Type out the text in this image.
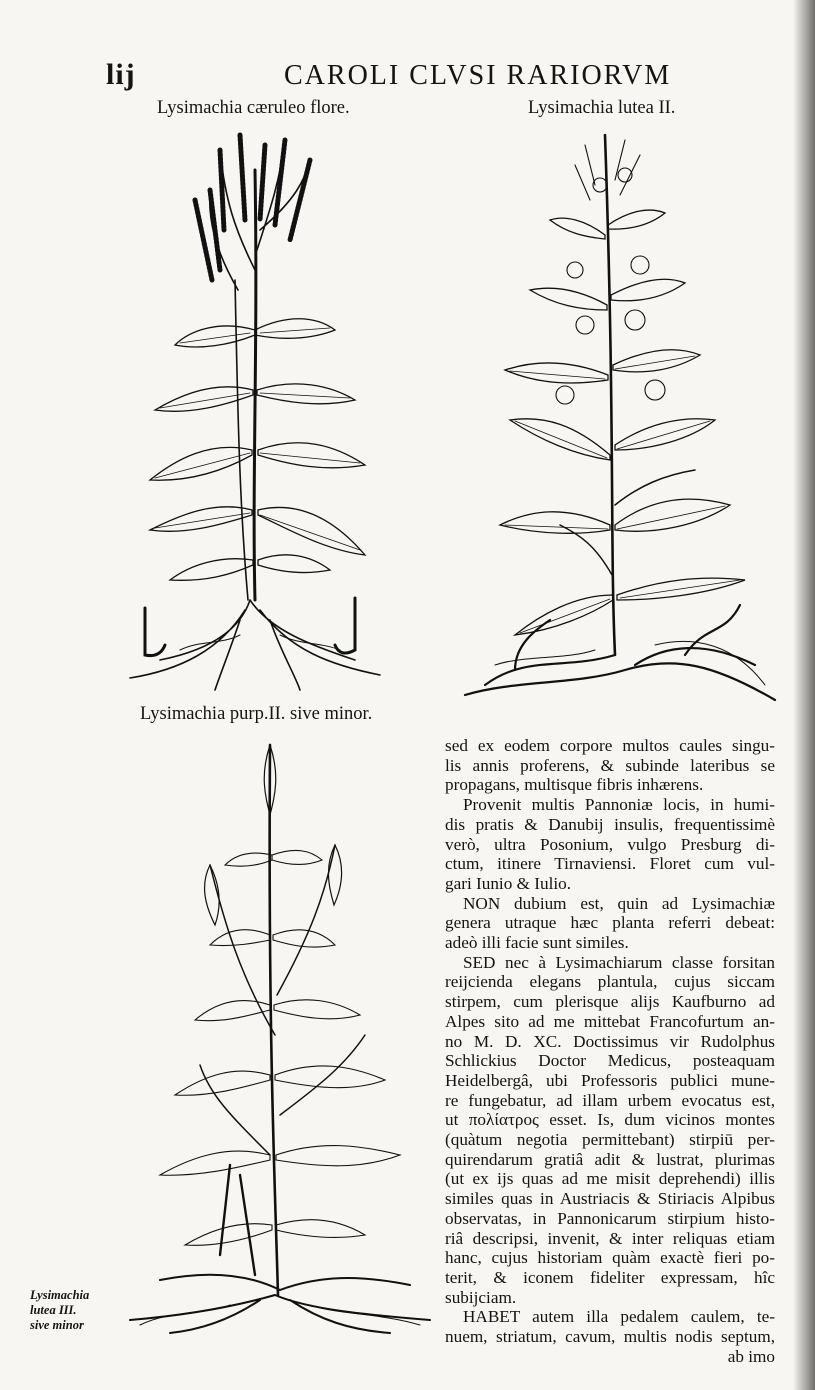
lij	CAROLI CLVSI RARIORVM
Lysimachia cæruleo flore.	Lysimachia lutea II.
Lysimachia purp.II. sive minor.
Lysimachia
lutea III.
sive minor
sed ex eodem corpore multos caules singu-
lis annis proferens, & subinde lateribus se
propagans, multisque fibris inhærens.
Provenit multis Pannoniæ locis, in humi-
dis pratis & Danubij insulis, frequentissimè
verò, ultra Posonium, vulgo Presburg di-
ctum, itinere Tirnaviensi. Floret cum vul-
gari Iunio & Iulio.
NON dubium est, quin ad Lysimachiæ
genera utraque hæc planta referri debeat:
adeò illi facie sunt similes.
SED nec à Lysimachiarum classe forsitan
reijcienda elegans plantula, cujus siccam
stirpem, cum plerisque alijs Kaufburno ad
Alpes sito ad me mittebat Francofurtum an-
no M. D. XC. Doctissimus vir Rudolphus
Schlickius Doctor Medicus, posteaquam
Heidelbergâ, ubi Professoris publici mune-
re fungebatur, ad illam urbem evocatus est,
ut πολίατρος esset. Is, dum vicinos montes
(quàtum negotia permittebant) stirpiū per-
quirendarum gratiâ adit & lustrat, plurimas
(ut ex ijs quas ad me misit deprehendi) illis
similes quas in Austriacis & Stiriacis Alpibus
observatas, in Pannonicarum stirpium histo-
riâ descripsi, invenit, & inter reliquas etiam
hanc, cujus historiam quàm exactè fieri po-
terit, & iconem fideliter expressam, hîc
subijciam.
HABET autem illa pedalem caulem, te-
nuem, striatum, cavum, multis nodis septum,
ab imo
